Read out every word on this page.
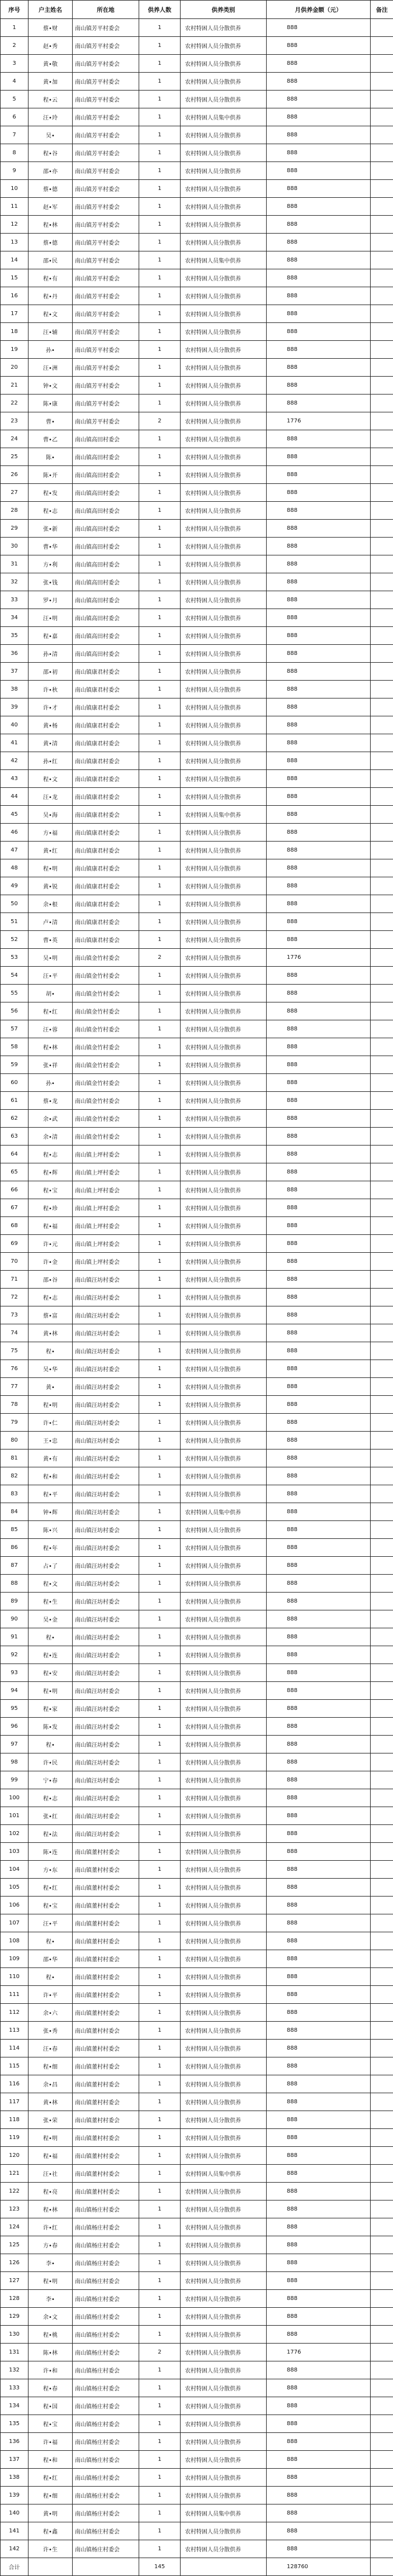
序号	户主姓名	所在地	供养人数	供养类别	月供养金额（元）	备注
1	蔡•财	南山镇芳平村委会	1	农村特困人员分散供养	888	
2	赵•秀	南山镇芳平村委会	1	农村特困人员分散供养	888	
3	黄•敬	南山镇芳平村委会	1	农村特困人员分散供养	888	
4	黄•加	南山镇芳平村委会	1	农村特困人员分散供养	888	
5	程•云	南山镇芳平村委会	1	农村特困人员分散供养	888	
6	汪•玲	南山镇芳平村委会	1	农村特困人员集中供养	888	
7	吴•	南山镇芳平村委会	1	农村特困人员分散供养	888	
8	程•谷	南山镇芳平村委会	1	农村特困人员分散供养	888	
9	邵•亦	南山镇芳平村委会	1	农村特困人员分散供养	888	
10	蔡•德	南山镇芳平村委会	1	农村特困人员分散供养	888	
11	赵•军	南山镇芳平村委会	1	农村特困人员分散供养	888	
12	程•林	南山镇芳平村委会	1	农村特困人员分散供养	888	
13	蔡•德	南山镇芳平村委会	1	农村特困人员分散供养	888	
14	邵•民	南山镇芳平村委会	1	农村特困人员集中供养	888	
15	程•有	南山镇芳平村委会	1	农村特困人员分散供养	888	
16	程•丹	南山镇芳平村委会	1	农村特困人员分散供养	888	
17	程•文	南山镇芳平村委会	1	农村特困人员分散供养	888	
18	汪•辅	南山镇芳平村委会	1	农村特困人员分散供养	888	
19	孙•	南山镇芳平村委会	1	农村特困人员分散供养	888	
20	汪•洲	南山镇芳平村委会	1	农村特困人员分散供养	888	
21	钟•文	南山镇芳平村委会	1	农村特困人员分散供养	888	
22	陈•康	南山镇芳平村委会	1	农村特困人员分散供养	888	
23	曹•	南山镇芳平村委会	2	农村特困人员分散供养	1776	
24	曹•乙	南山镇高田村委会	1	农村特困人员分散供养	888	
25	陈•	南山镇高田村委会	1	农村特困人员分散供养	888	
26	陈•开	南山镇高田村委会	1	农村特困人员分散供养	888	
27	程•发	南山镇高田村委会	1	农村特困人员分散供养	888	
28	程•志	南山镇高田村委会	1	农村特困人员分散供养	888	
29	张•新	南山镇高田村委会	1	农村特困人员分散供养	888	
30	曹•华	南山镇高田村委会	1	农村特困人员分散供养	888	
31	方•利	南山镇高田村委会	1	农村特困人员分散供养	888	
32	张•钱	南山镇高田村委会	1	农村特困人员分散供养	888	
33	罗•月	南山镇高田村委会	1	农村特困人员分散供养	888	
34	汪•明	南山镇高田村委会	1	农村特困人员分散供养	888	
35	程•嘉	南山镇高田村委会	1	农村特困人员分散供养	888	
36	孙•清	南山镇高田村委会	1	农村特困人员分散供养	888	
37	邵•初	南山镇康君村委会	1	农村特困人员分散供养	888	
38	许•秋	南山镇康君村委会	1	农村特困人员分散供养	888	
39	许•才	南山镇康君村委会	1	农村特困人员分散供养	888	
40	黄•杨	南山镇康君村委会	1	农村特困人员分散供养	888	
41	黄•清	南山镇康君村委会	1	农村特困人员分散供养	888	
42	孙•红	南山镇康君村委会	1	农村特困人员分散供养	888	
43	程•文	南山镇康君村委会	1	农村特困人员分散供养	888	
44	汪•龙	南山镇康君村委会	1	农村特困人员分散供养	888	
45	吴•海	南山镇康君村委会	1	农村特困人员集中供养	888	
46	方•福	南山镇康君村委会	1	农村特困人员分散供养	888	
47	黄•红	南山镇康君村委会	1	农村特困人员分散供养	888	
48	程•明	南山镇康君村委会	1	农村特困人员分散供养	888	
49	黄•锐	南山镇康君村委会	1	农村特困人员分散供养	888	
50	余•根	南山镇康君村委会	1	农村特困人员分散供养	888	
51	卢•清	南山镇康君村委会	1	农村特困人员分散供养	888	
52	曹•英	南山镇康君村委会	1	农村特困人员分散供养	888	
53	吴•明	南山镇金竹村委会	2	农村特困人员分散供养	1776	
54	汪•平	南山镇金竹村委会	1	农村特困人员分散供养	888	
55	胡•	南山镇金竹村委会	1	农村特困人员分散供养	888	
56	程•红	南山镇金竹村委会	1	农村特困人员分散供养	888	
57	汪•蓉	南山镇金竹村委会	1	农村特困人员分散供养	888	
58	程•林	南山镇金竹村委会	1	农村特困人员分散供养	888	
59	张•祥	南山镇金竹村委会	1	农村特困人员分散供养	888	
60	孙•	南山镇金竹村委会	1	农村特困人员分散供养	888	
61	蔡•龙	南山镇金竹村委会	1	农村特困人员分散供养	888	
62	余•武	南山镇金竹村委会	1	农村特困人员分散供养	888	
63	余•清	南山镇金竹村委会	1	农村特困人员分散供养	888	
64	程•志	南山镇上坪村委会	1	农村特困人员分散供养	888	
65	程•辉	南山镇上坪村委会	1	农村特困人员分散供养	888	
66	程•宝	南山镇上坪村委会	1	农村特困人员分散供养	888	
67	程•珍	南山镇上坪村委会	1	农村特困人员分散供养	888	
68	程•福	南山镇上坪村委会	1	农村特困人员分散供养	888	
69	许•元	南山镇上坪村委会	1	农村特困人员分散供养	888	
70	许•金	南山镇上坪村委会	1	农村特困人员分散供养	888	
71	邵•谷	南山镇汪坊村委会	1	农村特困人员分散供养	888	
72	程•志	南山镇汪坊村委会	1	农村特困人员分散供养	888	
73	蔡•富	南山镇汪坊村委会	1	农村特困人员分散供养	888	
74	黄•林	南山镇汪坊村委会	1	农村特困人员分散供养	888	
75	程•	南山镇汪坊村委会	1	农村特困人员分散供养	888	
76	吴•华	南山镇汪坊村委会	1	农村特困人员分散供养	888	
77	黄•	南山镇汪坊村委会	1	农村特困人员分散供养	888	
78	程•明	南山镇汪坊村委会	1	农村特困人员分散供养	888	
79	许•仁	南山镇汪坊村委会	1	农村特困人员分散供养	888	
80	王•忠	南山镇汪坊村委会	1	农村特困人员分散供养	888	
81	黄•有	南山镇汪坊村委会	1	农村特困人员分散供养	888	
82	程•和	南山镇汪坊村委会	1	农村特困人员分散供养	888	
83	程•平	南山镇汪坊村委会	1	农村特困人员分散供养	888	
84	钟•辉	南山镇汪坊村委会	1	农村特困人员集中供养	888	
85	陈•兴	南山镇汪坊村委会	1	农村特困人员分散供养	888	
86	程•年	南山镇汪坊村委会	1	农村特困人员分散供养	888	
87	占•了	南山镇汪坊村委会	1	农村特困人员分散供养	888	
88	程•文	南山镇汪坊村委会	1	农村特困人员分散供养	888	
89	程•生	南山镇汪坊村委会	1	农村特困人员分散供养	888	
90	吴•金	南山镇汪坊村委会	1	农村特困人员分散供养	888	
91	程•	南山镇汪坊村委会	1	农村特困人员分散供养	888	
92	程•连	南山镇汪坊村委会	1	农村特困人员分散供养	888	
93	程•安	南山镇汪坊村委会	1	农村特困人员分散供养	888	
94	程•明	南山镇汪坊村委会	1	农村特困人员分散供养	888	
95	程•家	南山镇汪坊村委会	1	农村特困人员分散供养	888	
96	陈•发	南山镇汪坊村委会	1	农村特困人员分散供养	888	
97	程•	南山镇汪坊村委会	1	农村特困人员分散供养	888	
98	许•民	南山镇汪坊村委会	1	农村特困人员分散供养	888	
99	宁•春	南山镇汪坊村委会	1	农村特困人员分散供养	888	
100	程•志	南山镇汪坊村委会	1	农村特困人员分散供养	888	
101	张•红	南山镇汪坊村委会	1	农村特困人员分散供养	888	
102	程•法	南山镇汪坊村委会	1	农村特困人员分散供养	888	
103	陈•连	南山镇董村村委会	1	农村特困人员分散供养	888	
104	方•东	南山镇董村村委会	1	农村特困人员分散供养	888	
105	程•红	南山镇董村村委会	1	农村特困人员分散供养	888	
106	程•宝	南山镇董村村委会	1	农村特困人员分散供养	888	
107	汪•平	南山镇董村村委会	1	农村特困人员分散供养	888	
108	程•	南山镇董村村委会	1	农村特困人员分散供养	888	
109	邵•华	南山镇董村村委会	1	农村特困人员分散供养	888	
110	程•	南山镇董村村委会	1	农村特困人员分散供养	888	
111	许•平	南山镇董村村委会	1	农村特困人员分散供养	888	
112	余•六	南山镇董村村委会	1	农村特困人员分散供养	888	
113	张•秀	南山镇董村村委会	1	农村特困人员分散供养	888	
114	汪•春	南山镇董村村委会	1	农村特困人员分散供养	888	
115	程•细	南山镇董村村委会	1	农村特困人员分散供养	888	
116	余•昌	南山镇董村村委会	1	农村特困人员分散供养	888	
117	黄•林	南山镇董村村委会	1	农村特困人员分散供养	888	
118	张•荣	南山镇董村村委会	1	农村特困人员分散供养	888	
119	程•明	南山镇董村村委会	1	农村特困人员分散供养	888	
120	程•福	南山镇董村村委会	1	农村特困人员分散供养	888	
121	汪•社	南山镇董村村委会	1	农村特困人员集中供养	888	
122	程•亮	南山镇董村村委会	1	农村特困人员分散供养	888	
123	程•林	南山镇杨庄村委会	1	农村特困人员分散供养	888	
124	许•红	南山镇杨庄村委会	1	农村特困人员分散供养	888	
125	方•春	南山镇杨庄村委会	1	农村特困人员分散供养	888	
126	李•	南山镇杨庄村委会	1	农村特困人员分散供养	888	
127	程•明	南山镇杨庄村委会	1	农村特困人员分散供养	888	
128	李•	南山镇杨庄村委会	1	农村特困人员分散供养	888	
129	余•文	南山镇杨庄村委会	1	农村特困人员分散供养	888	
130	程•桃	南山镇杨庄村委会	1	农村特困人员分散供养	888	
131	陈•林	南山镇杨庄村委会	2	农村特困人员分散供养	1776	
132	许•和	南山镇杨庄村委会	1	农村特困人员分散供养	888	
133	程•春	南山镇杨庄村委会	1	农村特困人员分散供养	888	
134	程•国	南山镇杨庄村委会	1	农村特困人员分散供养	888	
135	程•宝	南山镇杨庄村委会	1	农村特困人员分散供养	888	
136	许•福	南山镇杨庄村委会	1	农村特困人员分散供养	888	
137	程•和	南山镇杨庄村委会	1	农村特困人员分散供养	888	
138	程•红	南山镇杨庄村委会	1	农村特困人员分散供养	888	
139	程•细	南山镇杨庄村委会	1	农村特困人员分散供养	888	
140	黄•明	南山镇杨庄村委会	1	农村特困人员集中供养	888	
141	程•鑫	南山镇杨庄村委会	1	农村特困人员分散供养	888	
142	许•生	南山镇杨庄村委会	1	农村特困人员分散供养	888	
合计			145		128760	
